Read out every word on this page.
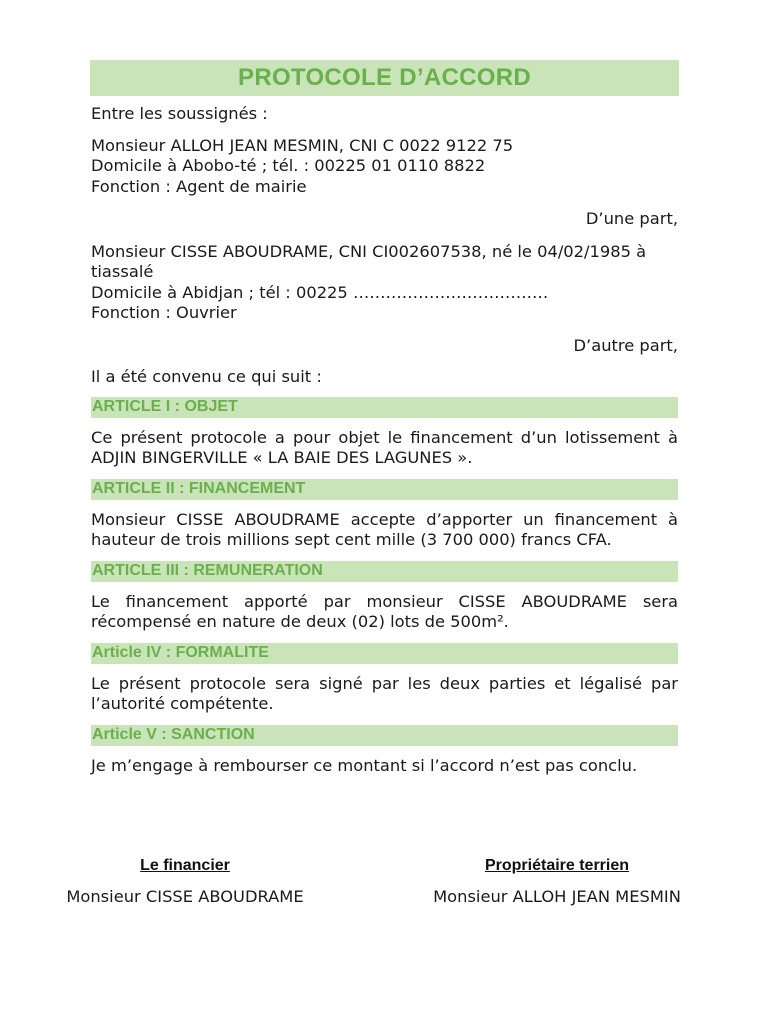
PROTOCOLE D’ACCORD

Entre les soussignés :

Monsieur ALLOH JEAN MESMIN, CNI C 0022 9122 75

Domicile à Abobo-té ; tél. : 00225 01 0110 8822

Fonction : Agent de mairie

D’une part,

Monsieur CISSE ABOUDRAME, CNI CI002607538, né le 04/02/1985 à tiassalé

Domicile à Abidjan ; tél : 00225 ………………………………

Fonction : Ouvrier

D’autre part,

Il a été convenu ce qui suit :

ARTICLE I : OBJET

Ce présent protocole a pour objet le financement d’un lotissement à ADJIN BINGERVILLE « LA BAIE DES LAGUNES ».

ARTICLE II : FINANCEMENT

Monsieur CISSE ABOUDRAME accepte d’apporter un financement à hauteur de trois millions sept cent mille (3 700 000) francs CFA.

ARTICLE III : REMUNERATION

Le financement apporté par monsieur CISSE ABOUDRAME sera récompensé en nature de deux (02) lots de 500m².

Article IV : FORMALITE

Le présent protocole sera signé par les deux parties et légalisé par l’autorité compétente.

Article V : SANCTION

Je m’engage à rembourser ce montant si l’accord n’est pas conclu.

Le financier
Monsieur CISSE ABOUDRAME
Propriétaire terrien
Monsieur ALLOH JEAN MESMIN
